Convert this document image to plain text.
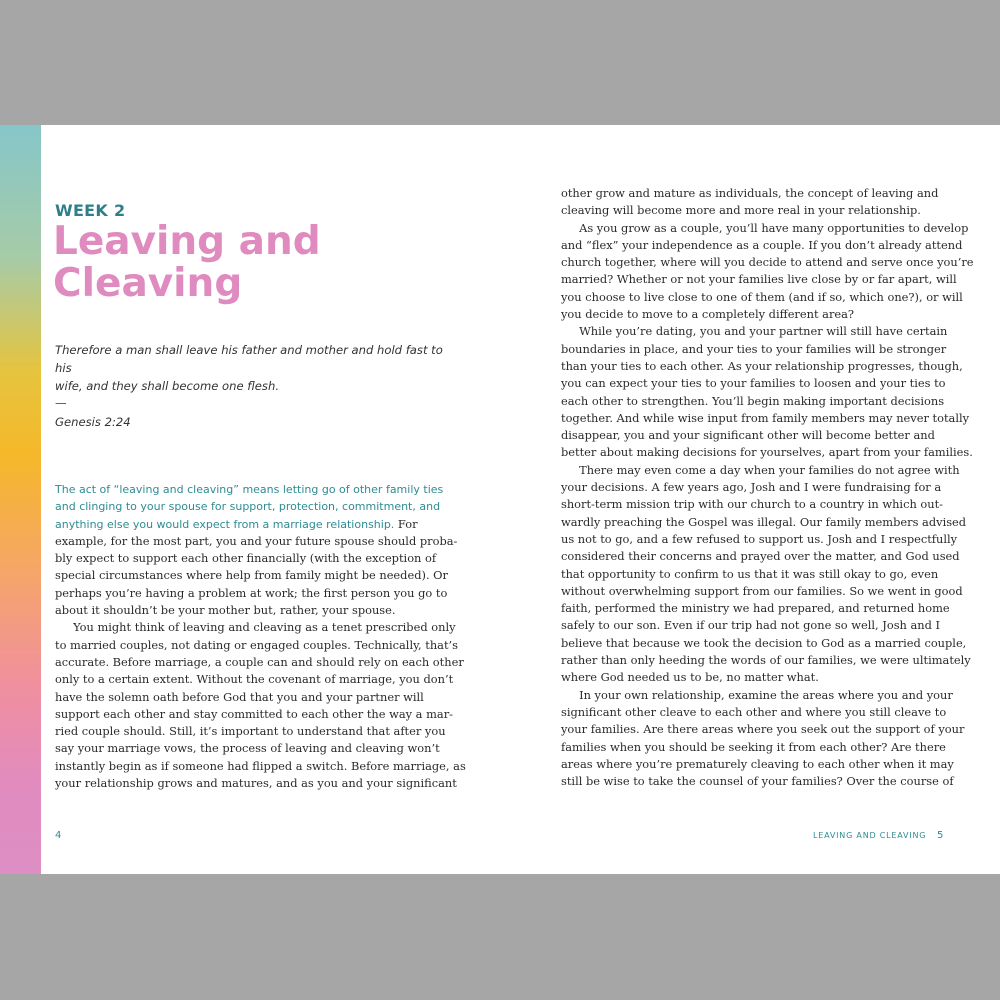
WEEK 2
Leaving and
Cleaving
Therefore a man shall leave his father and mother and hold fast to his
wife, and they shall become one flesh.
—
Genesis 2:24
The act of “leaving and cleaving” means letting go of other family ties
and clinging to your spouse for support, protection, commitment, and
anything else you would expect from a marriage relationship. For
example, for the most part, you and your future spouse should proba-
bly expect to support each other financially (with the exception of
special circumstances where help from family might be needed). Or
perhaps you’re having a problem at work; the first person you go to
about it shouldn’t be your mother but, rather, your spouse.
You might think of leaving and cleaving as a tenet prescribed only
to married couples, not dating or engaged couples. Technically, that’s
accurate. Before marriage, a couple can and should rely on each other
only to a certain extent. Without the covenant of marriage, you don’t
have the solemn oath before God that you and your partner will
support each other and stay committed to each other the way a mar-
ried couple should. Still, it’s important to understand that after you
say your marriage vows, the process of leaving and cleaving won’t
instantly begin as if someone had flipped a switch. Before marriage, as
your relationship grows and matures, and as you and your significant
4
other grow and mature as individuals, the concept of leaving and
cleaving will become more and more real in your relationship.
As you grow as a couple, you’ll have many opportunities to develop
and “flex” your independence as a couple. If you don’t already attend
church together, where will you decide to attend and serve once you’re
married? Whether or not your families live close by or far apart, will
you choose to live close to one of them (and if so, which one?), or will
you decide to move to a completely different area?
While you’re dating, you and your partner will still have certain
boundaries in place, and your ties to your families will be stronger
than your ties to each other. As your relationship progresses, though,
you can expect your ties to your families to loosen and your ties to
each other to strengthen. You’ll begin making important decisions
together. And while wise input from family members may never totally
disappear, you and your significant other will become better and
better about making decisions for yourselves, apart from your families.
There may even come a day when your families do not agree with
your decisions. A few years ago, Josh and I were fundraising for a
short-term mission trip with our church to a country in which out-
wardly preaching the Gospel was illegal. Our family members advised
us not to go, and a few refused to support us. Josh and I respectfully
considered their concerns and prayed over the matter, and God used
that opportunity to confirm to us that it was still okay to go, even
without overwhelming support from our families. So we went in good
faith, performed the ministry we had prepared, and returned home
safely to our son. Even if our trip had not gone so well, Josh and I
believe that because we took the decision to God as a married couple,
rather than only heeding the words of our families, we were ultimately
where God needed us to be, no matter what.
In your own relationship, examine the areas where you and your
significant other cleave to each other and where you still cleave to
your families. Are there areas where you seek out the support of your
families when you should be seeking it from each other? Are there
areas where you’re prematurely cleaving to each other when it may
still be wise to take the counsel of your families? Over the course of
LEAVING AND CLEAVING 5
